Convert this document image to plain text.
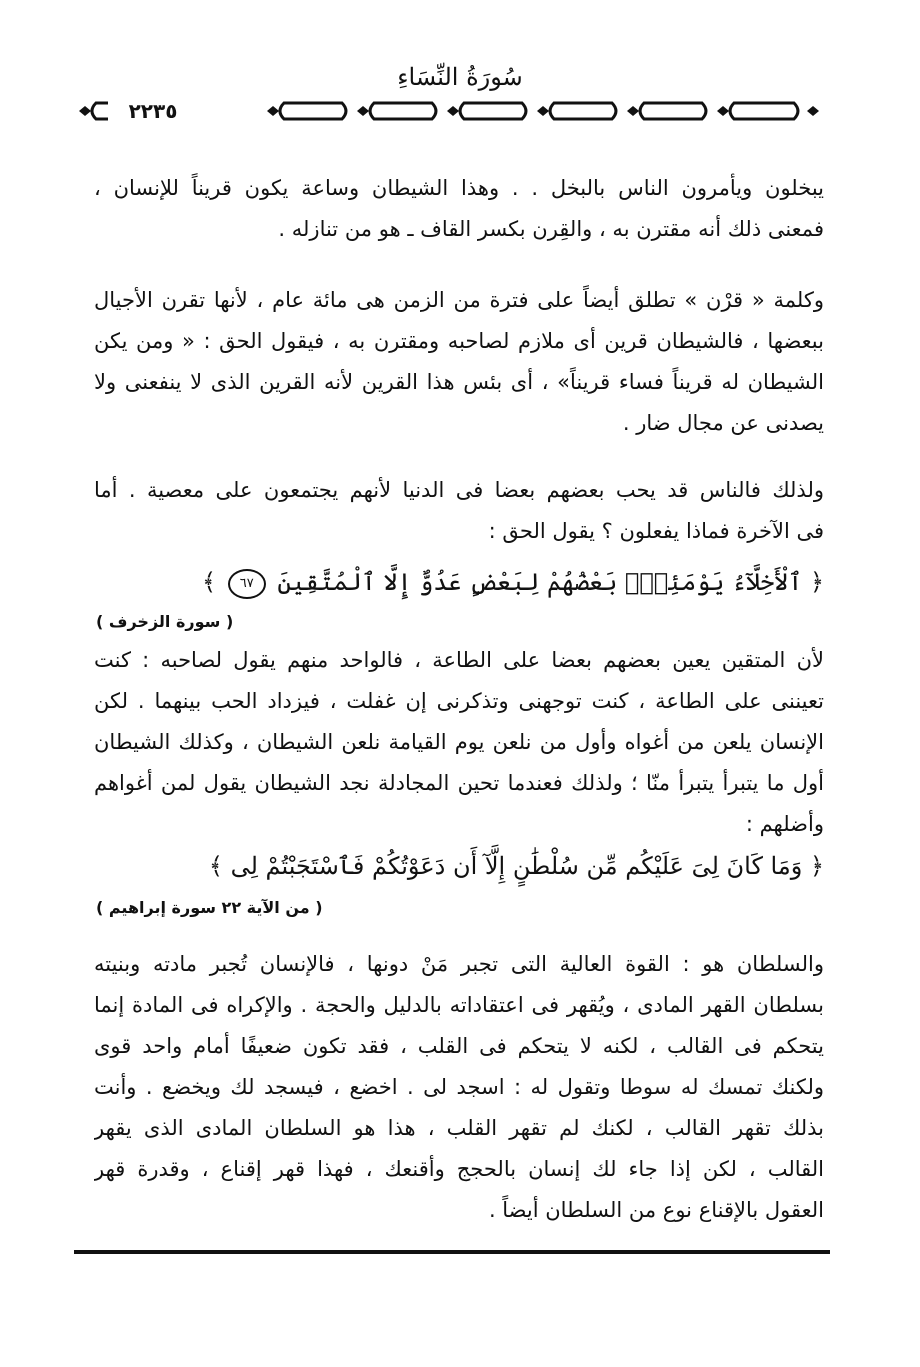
سُورَةُ النِّسَاءِ
٢٢٣٥
يبخلون ويأمرون الناس بالبخل . . وهذا الشيطان وساعة يكون قريناً للإنسان ،
فمعنى ذلك أنه مقترن به ، والقِرن بكسر القاف ـ هو من تنازله .
وكلمة « قرْن » تطلق أيضاً على فترة من الزمن هى مائة عام ، لأنها تقرن الأجيال
ببعضها ، فالشيطان قرين أى ملازم لصاحبه ومقترن به ، فيقول الحق : « ومن يكن
الشيطان له قريناً فساء قريناً» ، أى بئس هذا القرين لأنه القرين الذى لا ينفعنى ولا
يصدنى عن مجال ضار .
ولذلك فالناس قد يحب بعضهم بعضا فى الدنيا لأنهم يجتمعون على معصية . أما
فى الآخرة فماذا يفعلون ؟ يقول الحق :
﴿ ٱلْأَخِلَّآءُ يَوْمَئِذٍۭ بَعْضُهُمْ لِبَعْضٍ عَدُوٌّ إِلَّا ٱلْمُتَّقِينَ ٦٧ ﴾
( سورة الزخرف )
لأن المتقين يعين بعضهم بعضا على الطاعة ، فالواحد منهم يقول لصاحبه : كنت
تعيننى على الطاعة ، كنت توجهنى وتذكرنى إن غفلت ، فيزداد الحب بينهما . لكن
الإنسان يلعن من أغواه وأول من نلعن يوم القيامة نلعن الشيطان ، وكذلك الشيطان
أول ما يتبرأ يتبرأ منّا ؛ ولذلك فعندما تحين المجادلة نجد الشيطان يقول لمن أغواهم
وأضلهم :
﴿ وَمَا كَانَ لِىَ عَلَيْكُم مِّن سُلْطَٰنٍ إِلَّآ أَن دَعَوْتُكُمْ فَٱسْتَجَبْتُمْ لِى ﴾
( من الآية ٢٢ سورة إبراهيم )
والسلطان هو : القوة العالية التى تجبر مَنْ دونها ، فالإنسان تُجبر مادته وبنيته
بسلطان القهر المادى ، ويُقهر فى اعتقاداته بالدليل والحجة . والإكراه فى المادة إنما
يتحكم فى القالب ، لكنه لا يتحكم فى القلب ، فقد تكون ضعيفًا أمام واحد قوى
ولكنك تمسك له سوطا وتقول له : اسجد لى . اخضع ، فيسجد لك ويخضع . وأنت
بذلك تقهر القالب ، لكنك لم تقهر القلب ، هذا هو السلطان المادى الذى يقهر
القالب ، لكن إذا جاء لك إنسان بالحجج وأقنعك ، فهذا قهر إقناع ، وقدرة قهر
العقول بالإقناع نوع من السلطان أيضاً .
